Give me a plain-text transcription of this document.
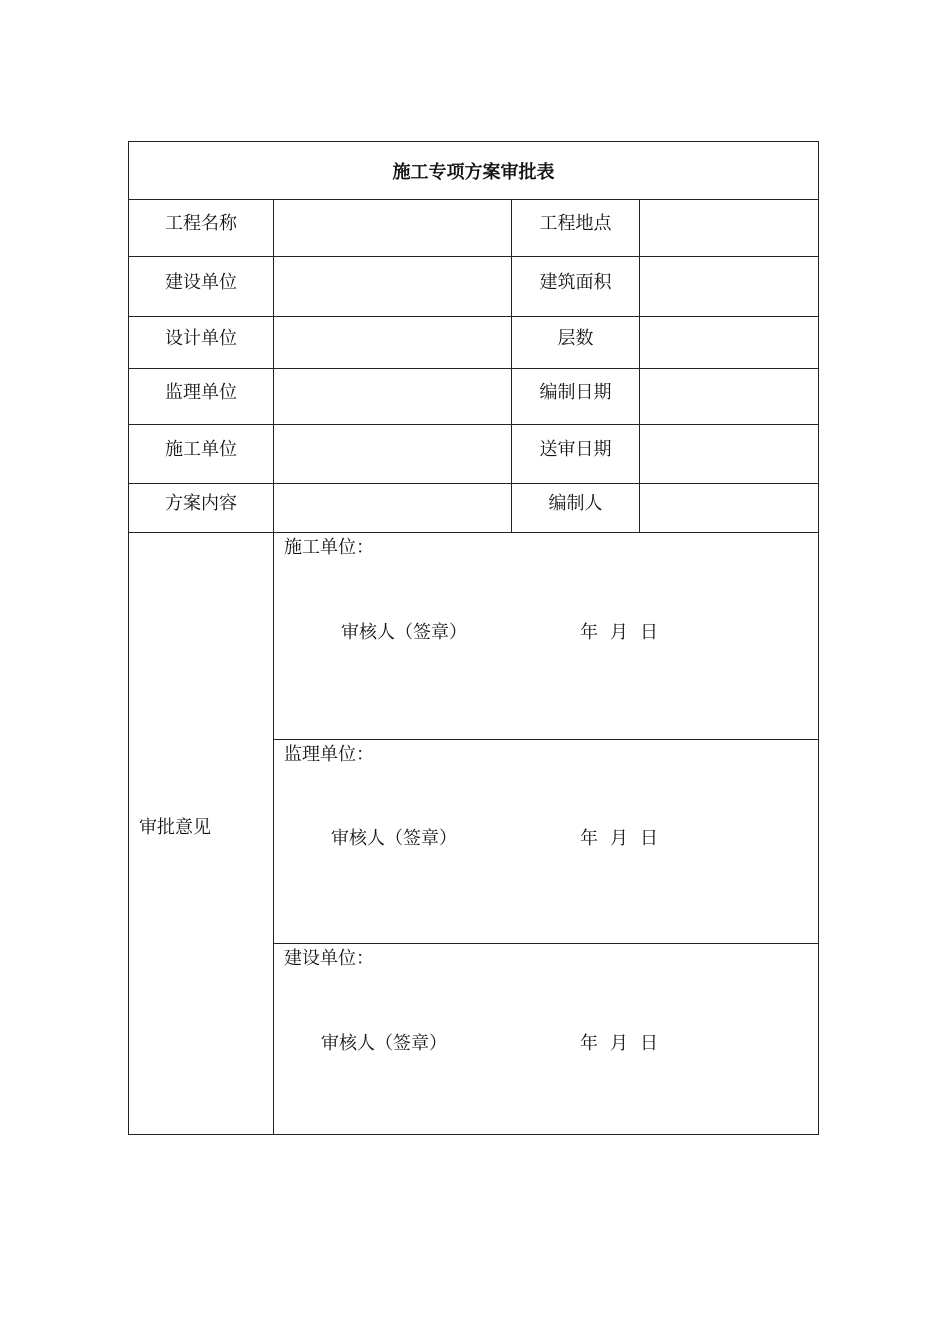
施工专项方案审批表			
工程名称		工程地点	
建设单位		建筑面积	
设计单位		层数	
监理单位		编制日期	
施工单位		送审日期	
方案内容		编制人	
审批意见	施工单位：
审核人（签章） 年 月 日		

	监理单位：
审核人（签章） 年 月 日		

	建设单位：
审核人（签章） 年 月 日		
